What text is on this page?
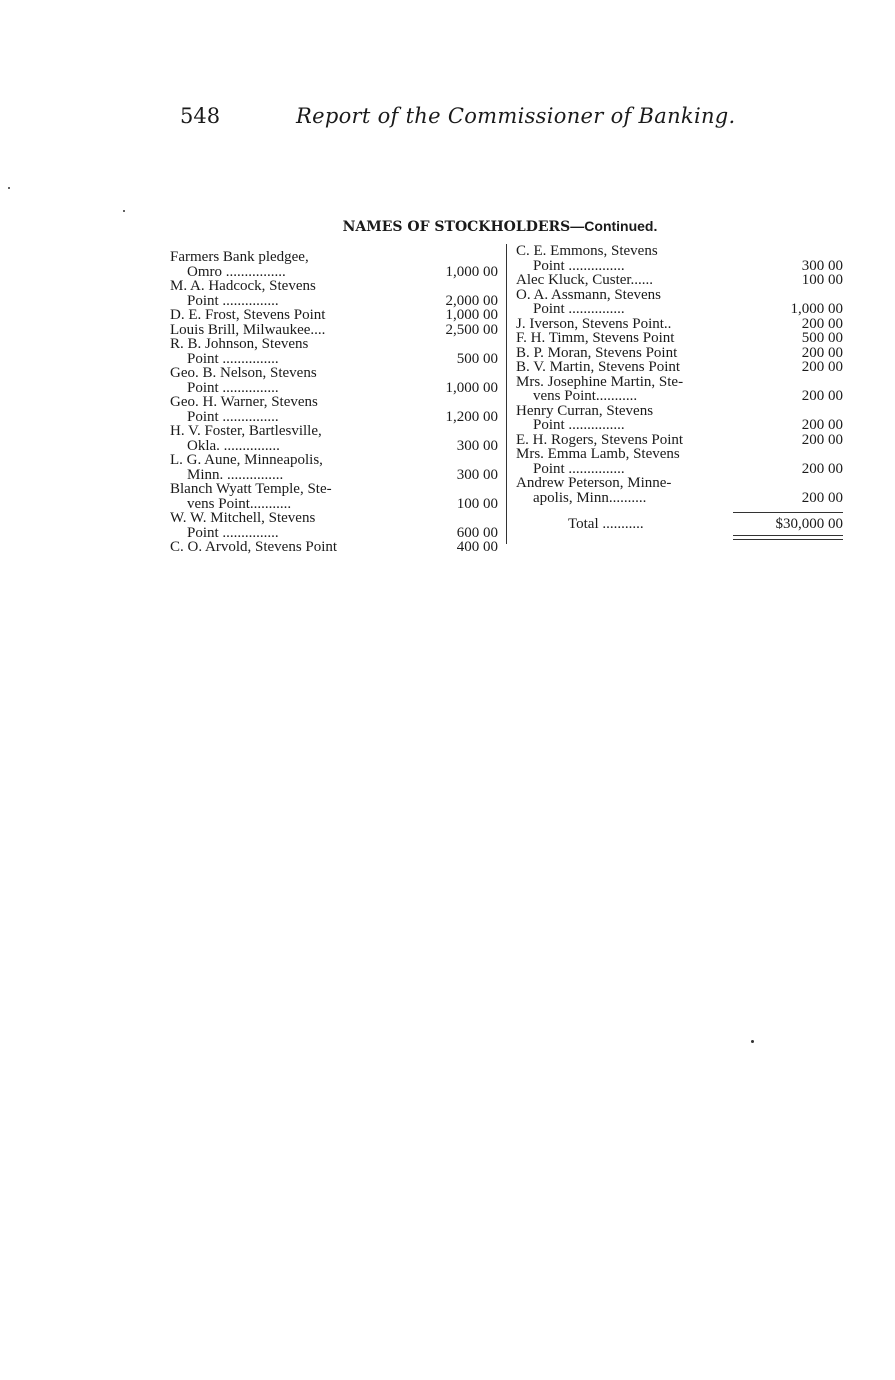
548	Report of the Commissioner of Banking.
NAMES OF STOCKHOLDERS—Continued.
Farmers Bank pledgee,
Omro ................	1,000 00
M. A. Hadcock, Stevens
Point ...............	2,000 00
D. E. Frost, Stevens Point	1,000 00
Louis Brill, Milwaukee....	2,500 00
R. B. Johnson, Stevens
Point ...............	500 00
Geo. B. Nelson, Stevens
Point ...............	1,000 00
Geo. H. Warner, Stevens
Point ...............	1,200 00
H. V. Foster, Bartlesville,
Okla. ...............	300 00
L. G. Aune, Minneapolis,
Minn. ...............	300 00
Blanch Wyatt Temple, Ste-
vens Point...........	100 00
W. W. Mitchell, Stevens
Point ...............	600 00
C. O. Arvold, Stevens Point	400 00
C. E. Emmons, Stevens
Point ...............	300 00
Alec Kluck, Custer......	100 00
O. A. Assmann, Stevens
Point ...............	1,000 00
J. Iverson, Stevens Point..	200 00
F. H. Timm, Stevens Point	500 00
B. P. Moran, Stevens Point	200 00
B. V. Martin, Stevens Point	200 00
Mrs. Josephine Martin, Ste-
vens Point...........	200 00
Henry Curran, Stevens
Point ...............	200 00
E. H. Rogers, Stevens Point	200 00
Mrs. Emma Lamb, Stevens
Point ...............	200 00
Andrew Peterson, Minne-
apolis, Minn..........	200 00
Total ...........	$30,000 00
